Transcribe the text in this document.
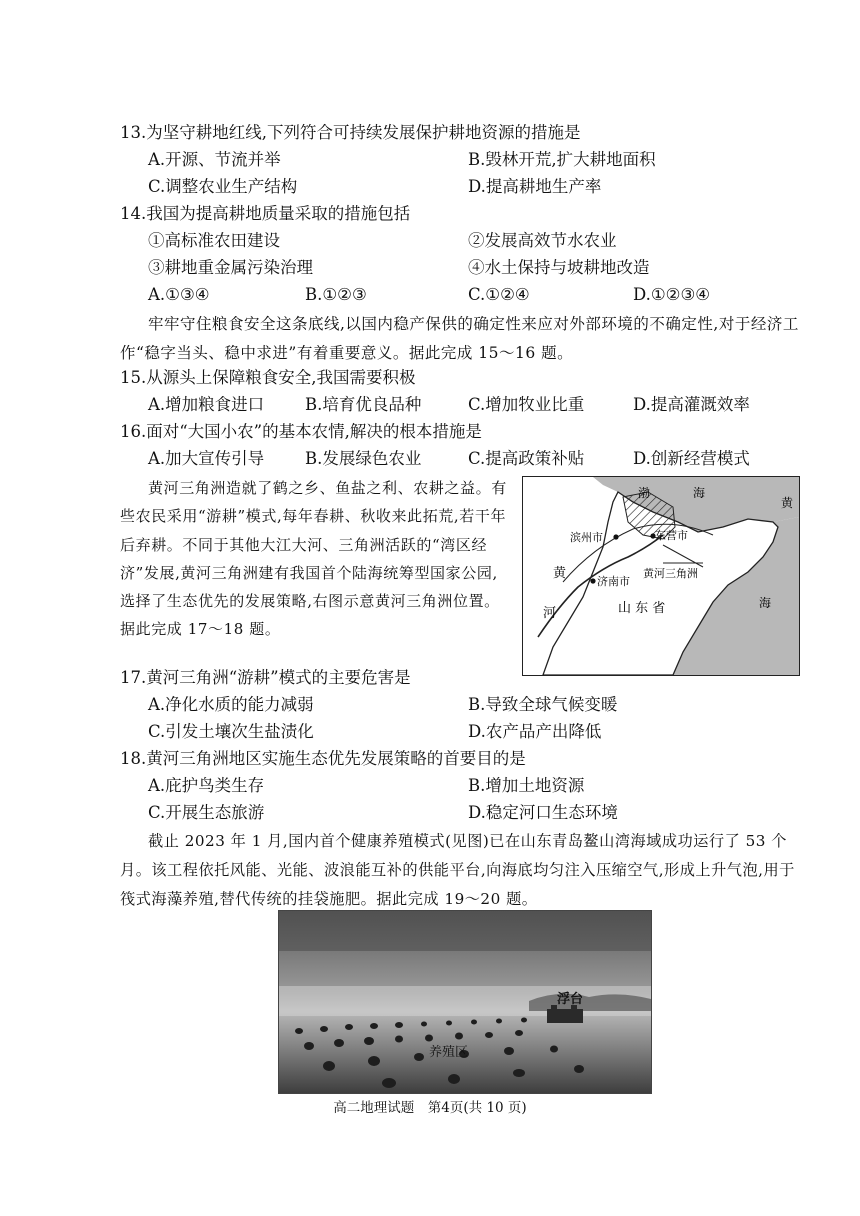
13.为坚守耕地红线,下列符合可持续发展保护耕地资源的措施是
A.开源、节流并举	B.毁林开荒,扩大耕地面积
C.调整农业生产结构	D.提高耕地生产率
14.我国为提高耕地质量采取的措施包括
①高标准农田建设	②发展高效节水农业
③耕地重金属污染治理	④水土保持与坡耕地改造
A.①③④	B.①②③	C.①②④	D.①②③④
牢牢守住粮食安全这条底线,以国内稳产保供的确定性来应对外部环境的不确定性,对于经济工作“稳字当头、稳中求进”有着重要意义。据此完成 15～16 题。
15.从源头上保障粮食安全,我国需要积极
A.增加粮食进口 B.培育优良品种	C.增加牧业比重	D.提高灌溉效率
16.面对“大国小农”的基本农情,解决的根本措施是
A.加大宣传引导 B.发展绿色农业	C.提高政策补贴	D.创新经营模式
黄河三角洲造就了鹤之乡、鱼盐之利、农耕之益。有些农民采用“游耕”模式,每年春耕、秋收来此拓荒,若干年后弃耕。不同于其他大江大河、三角洲活跃的“湾区经济”发展,黄河三角洲建有我国首个陆海统筹型国家公园,选择了生态优先的发展策略,右图示意黄河三角洲位置。据此完成 17～18 题。
渤	海
黄
海
滨州市	东营市
济南市
黄河三角洲
黄
河	山 东 省
17.黄河三角洲“游耕”模式的主要危害是
A.净化水质的能力减弱	B.导致全球气候变暖
C.引发土壤次生盐渍化	D.农产品产出降低
18.黄河三角洲地区实施生态优先发展策略的首要目的是
A.庇护鸟类生存	B.增加土地资源
C.开展生态旅游	D.稳定河口生态环境
截止 2023 年 1 月,国内首个健康养殖模式(见图)已在山东青岛鳌山湾海域成功运行了 53 个月。该工程依托风能、光能、波浪能互补的供能平台,向海底均匀注入压缩空气,形成上升气泡,用于筏式海藻养殖,替代传统的挂袋施肥。据此完成 19～20 题。
浮台
养殖区
高二地理试题　第4页(共 10 页)
